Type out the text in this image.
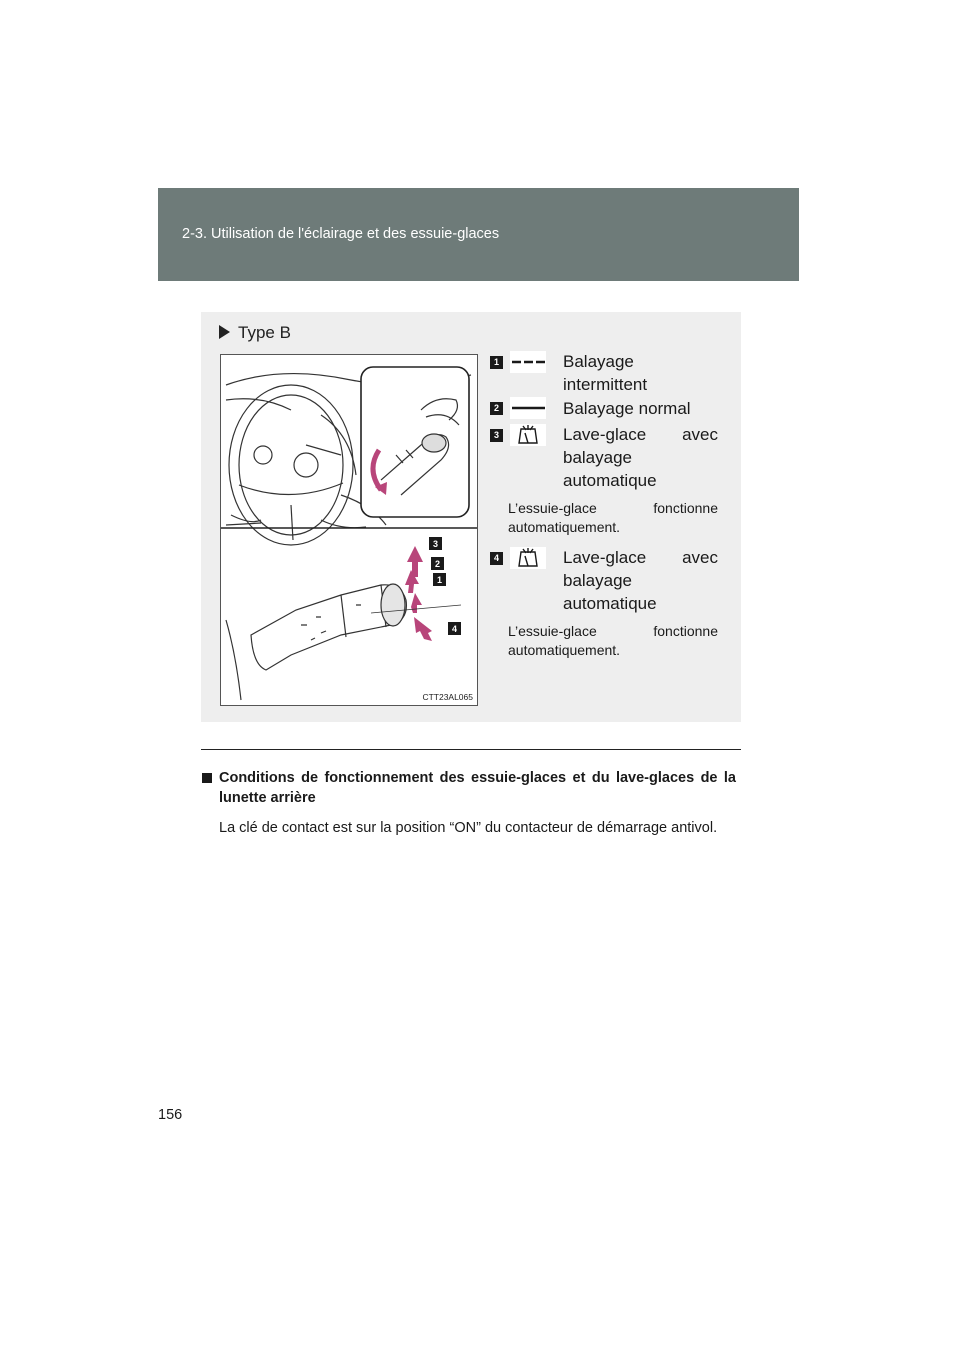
2-3. Utilisation de l'éclairage et des essuie-glaces
Type B
3
2
1
4
CTT23AL065
1	Balayage intermittent
2	Balayage normal
3	Lave-glace avec balayage automatique
L’essuie-glace fonctionne automatiquement.
4	Lave-glace avec balayage automatique
L’essuie-glace fonctionne automatiquement.
Conditions de fonctionnement des essuie-glaces et du lave-glaces de la lunette arrière
La clé de contact est sur la position “ON” du contacteur de démarrage antivol.
156
